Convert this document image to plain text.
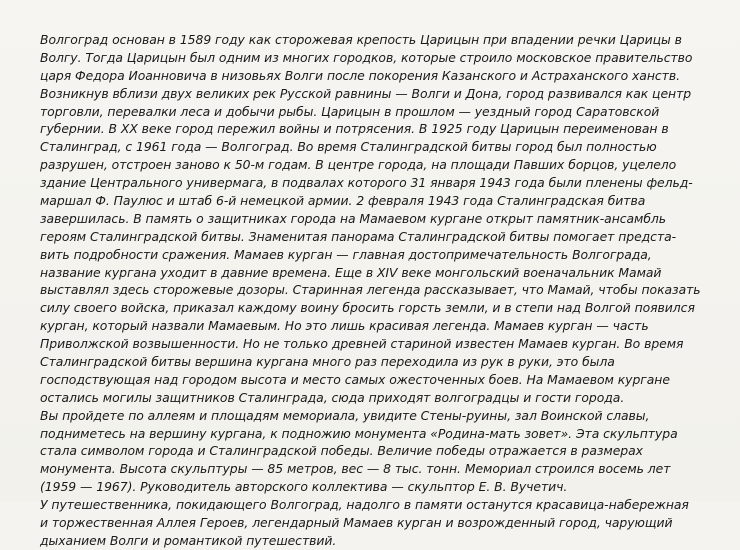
Волгоград основан в 1589 году как сторожевая крепость Царицын при впадении речки Царицы в
Волгу. Тогда Царицын был одним из многих городков, которые строило московское правительство
царя Федора Иоанновича в низовьях Волги после покорения Казанского и Астраханского ханств.
Возникнув вблизи двух великих рек Русской равнины — Волги и Дона, город развивался как центр
торговли, перевалки леса и добычи рыбы. Царицын в прошлом — уездный город Саратовской
губернии. В XX веке город пережил войны и потрясения. В 1925 году Царицын переименован в
Сталинград, с 1961 года — Волгоград. Во время Сталинградской битвы город был полностью
разрушен, отстроен заново к 50-м годам. В центре города, на площади Павших борцов, уцелело
здание Центрального универмага, в подвалах которого 31 января 1943 года были пленены фельд-
маршал Ф. Паулюс и штаб 6-й немецкой армии. 2 февраля 1943 года Сталинградская битва
завершилась. В память о защитниках города на Мамаевом кургане открыт памятник-ансамбль
героям Сталинградской битвы. Знаменитая панорама Сталинградской битвы помогает предста-
вить подробности сражения. Мамаев курган — главная достопримечательность Волгограда,
название кургана уходит в давние времена. Еще в XIV веке монгольский военачальник Мамай
выставлял здесь сторожевые дозоры. Старинная легенда рассказывает, что Мамай, чтобы показать
силу своего войска, приказал каждому воину бросить горсть земли, и в степи над Волгой появился
курган, который назвали Мамаевым. Но это лишь красивая легенда. Мамаев курган — часть
Приволжской возвышенности. Но не только древней стариной известен Мамаев курган. Во время
Сталинградской битвы вершина кургана много раз переходила из рук в руки, это была
господствующая над городом высота и место самых ожесточенных боев. На Мамаевом кургане
остались могилы защитников Сталинграда, сюда приходят волгоградцы и гости города.
Вы пройдете по аллеям и площадям мемориала, увидите Стены-руины, зал Воинской славы,
подниметесь на вершину кургана, к подножию монумента «Родина-мать зовет». Эта скульптура
стала символом города и Сталинградской победы. Величие победы отражается в размерах
монумента. Высота скульптуры — 85 метров, вес — 8 тыс. тонн. Мемориал строился восемь лет
(1959 — 1967). Руководитель авторского коллектива — скульптор Е. В. Вучетич.
У путешественника, покидающего Волгоград, надолго в памяти останутся красавица-набережная
и торжественная Аллея Героев, легендарный Мамаев курган и возрожденный город, чарующий
дыханием Волги и романтикой путешествий.
